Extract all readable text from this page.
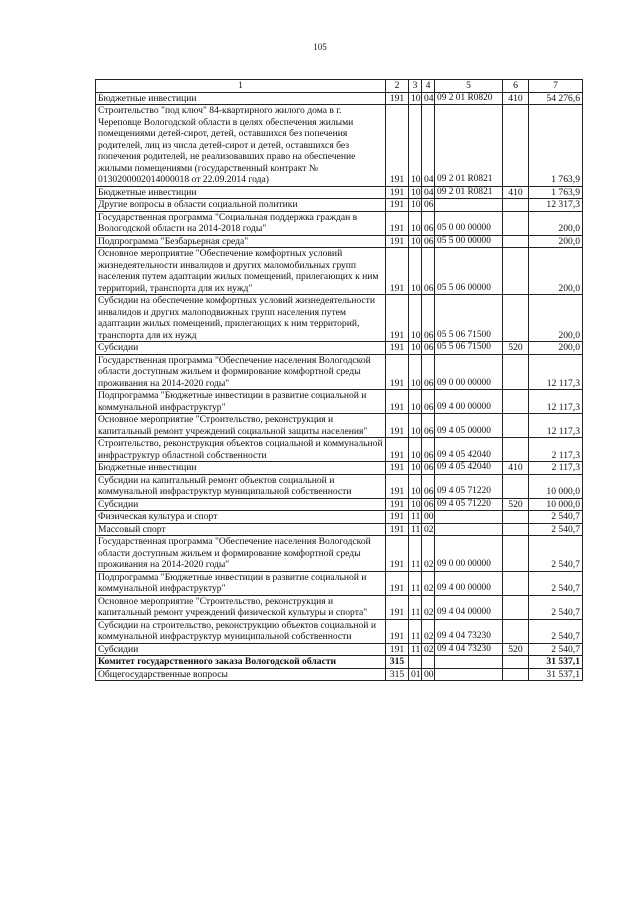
105
1	2	3	4	5	6	7
Бюджетные инвестиции	191	10	04	09 2 01 R0820	410	54 276,6
Строительство "под ключ" 84-квартирного жилого дома в г. Череповце Вологодской области в целях обеспечения жилыми помещениями детей-сирот, детей, оставшихся без попечения родителей, лиц из числа детей-сирот и детей, оставшихся без попечения родителей, не реализовавших право на обеспечение жилыми помещениями (государственный контракт № 0130200002014000018 от 22.09.2014 года)	191	10	04	09 2 01 R0821		1 763,9
Бюджетные инвестиции	191	10	04	09 2 01 R0821	410	1 763,9
Другие вопросы в области социальной политики	191	10	06			12 317,3
Государственная программа "Социальная поддержка граждан в Вологодской области на 2014-2018 годы"	191	10	06	05 0 00 00000		200,0
Подпрограмма "Безбарьерная среда"	191	10	06	05 5 00 00000		200,0
Основное мероприятие "Обеспечение комфортных условий жизнедеятельности инвалидов и других маломобильных групп населения путем адаптации жилых помещений, прилегающих к ним территорий, транспорта для их нужд"	191	10	06	05 5 06 00000		200,0
Субсидии на обеспечение комфортных условий жизнедеятельности инвалидов и других малоподвижных групп населения путем адаптации жилых помещений, прилегающих к ним территорий, транспорта для их нужд	191	10	06	05 5 06 71500		200,0
Субсидии	191	10	06	05 5 06 71500	520	200,0
Государственная программа "Обеспечение населения Вологодской области доступным жильем и формирование комфортной среды проживания на 2014-2020 годы"	191	10	06	09 0 00 00000		12 117,3
Подпрограмма "Бюджетные инвестиции в развитие социальной и коммунальной инфраструктур"	191	10	06	09 4 00 00000		12 117,3
Основное мероприятие "Строительство, реконструкция и капитальный ремонт учреждений социальной защиты населения"	191	10	06	09 4 05 00000		12 117,3
Строительство, реконструкция объектов социальной и коммунальной инфраструктур областной собственности	191	10	06	09 4 05 42040		2 117,3
Бюджетные инвестиции	191	10	06	09 4 05 42040	410	2 117,3
Субсидии на капитальный ремонт объектов социальной и коммунальной инфраструктур муниципальной собственности	191	10	06	09 4 05 71220		10 000,0
Субсидии	191	10	06	09 4 05 71220	520	10 000,0
Физическая культура и спорт	191	11	00			2 540,7
Массовый спорт	191	11	02			2 540,7
Государственная программа "Обеспечение населения Вологодской области доступным жильем и формирование комфортной среды проживания на 2014-2020 годы"	191	11	02	09 0 00 00000		2 540,7
Подпрограмма "Бюджетные инвестиции в развитие социальной и коммунальной инфраструктур"	191	11	02	09 4 00 00000		2 540,7
Основное мероприятие "Строительство, реконструкция и капитальный ремонт учреждений физической культуры и спорта"	191	11	02	09 4 04 00000		2 540,7
Субсидии на строительство, реконструкцию объектов социальной и коммунальной инфраструктур муниципальной собственности	191	11	02	09 4 04 73230		2 540,7
Субсидии	191	11	02	09 4 04 73230	520	2 540,7
Комитет государственного заказа Вологодской области	315					31 537,1
Общегосударственные вопросы	315	01	00			31 537,1
